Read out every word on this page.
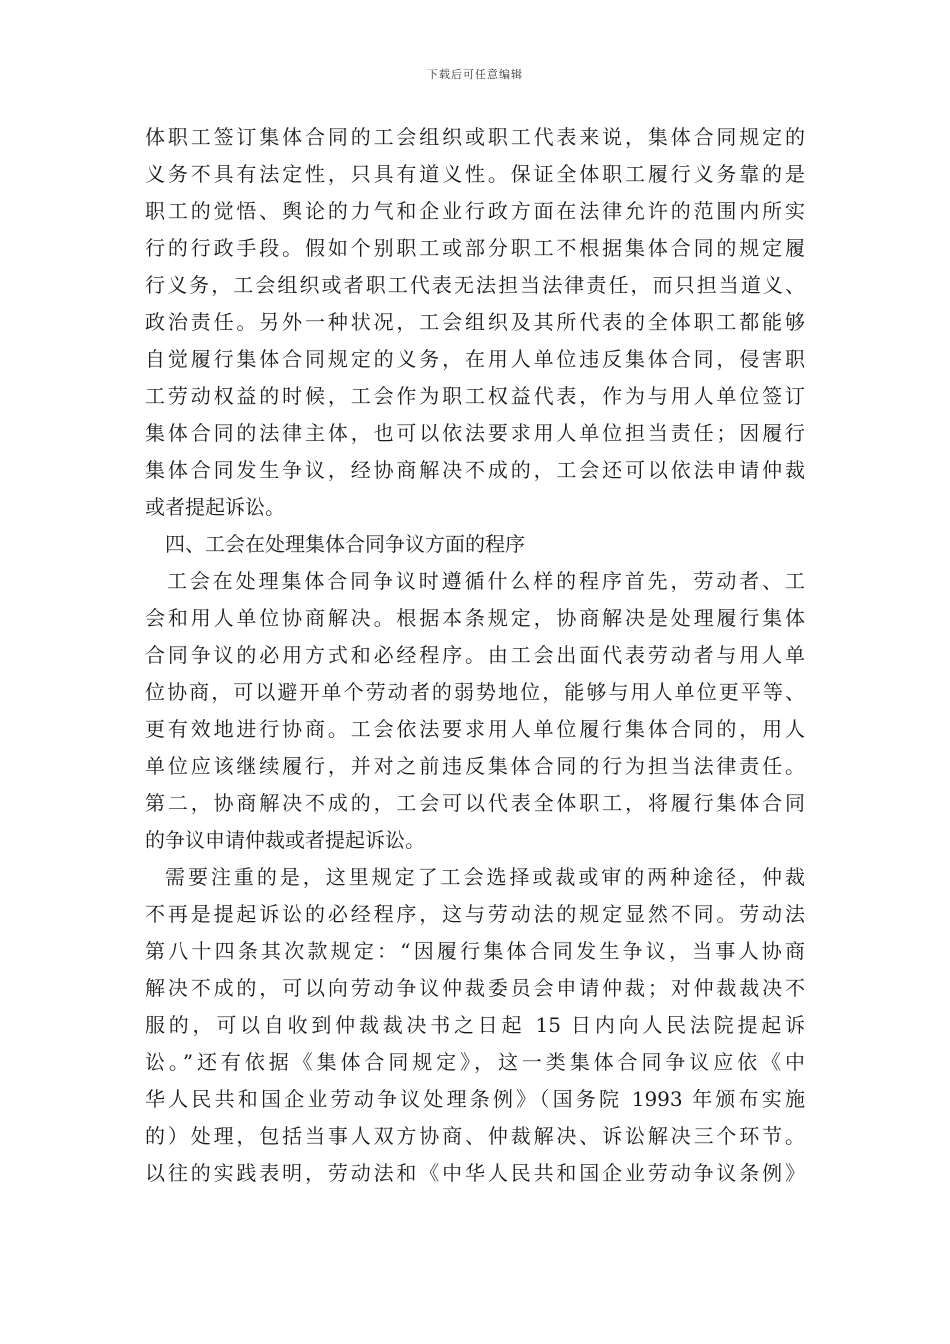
下载后可任意编辑
体职工签订集体合同的工会组织或职工代表来说，集体合同规定的
义务不具有法定性，只具有道义性。保证全体职工履行义务靠的是
职工的觉悟、舆论的力气和企业行政方面在法律允许的范围内所实
行的行政手段。假如个别职工或部分职工不根据集体合同的规定履
行义务，工会组织或者职工代表无法担当法律责任，而只担当道义、
政治责任。另外一种状况，工会组织及其所代表的全体职工都能够
自觉履行集体合同规定的义务，在用人单位违反集体合同，侵害职
工劳动权益的时候，工会作为职工权益代表，作为与用人单位签订
集体合同的法律主体，也可以依法要求用人单位担当责任；因履行
集体合同发生争议，经协商解决不成的，工会还可以依法申请仲裁
或者提起诉讼。
四、工会在处理集体合同争议方面的程序
工会在处理集体合同争议时遵循什么样的程序首先，劳动者、工
会和用人单位协商解决。根据本条规定，协商解决是处理履行集体
合同争议的必用方式和必经程序。由工会出面代表劳动者与用人单
位协商，可以避开单个劳动者的弱势地位，能够与用人单位更平等、
更有效地进行协商。工会依法要求用人单位履行集体合同的，用人
单位应该继续履行，并对之前违反集体合同的行为担当法律责任。
第二，协商解决不成的，工会可以代表全体职工，将履行集体合同
的争议申请仲裁或者提起诉讼。
需要注重的是，这里规定了工会选择或裁或审的两种途径，仲裁
不再是提起诉讼的必经程序，这与劳动法的规定显然不同。劳动法
第八十四条其次款规定：“因履行集体合同发生争议，当事人协商
解决不成的，可以向劳动争议仲裁委员会申请仲裁；对仲裁裁决不
服的，可以自收到仲裁裁决书之日起 15 日内向人民法院提起诉
讼。”还有依据《集体合同规定》，这一类集体合同争议应依《中
华人民共和国企业劳动争议处理条例》（国务院 1993 年颁布实施
的）处理，包括当事人双方协商、仲裁解决、诉讼解决三个环节。
以往的实践表明，劳动法和《中华人民共和国企业劳动争议条例》
